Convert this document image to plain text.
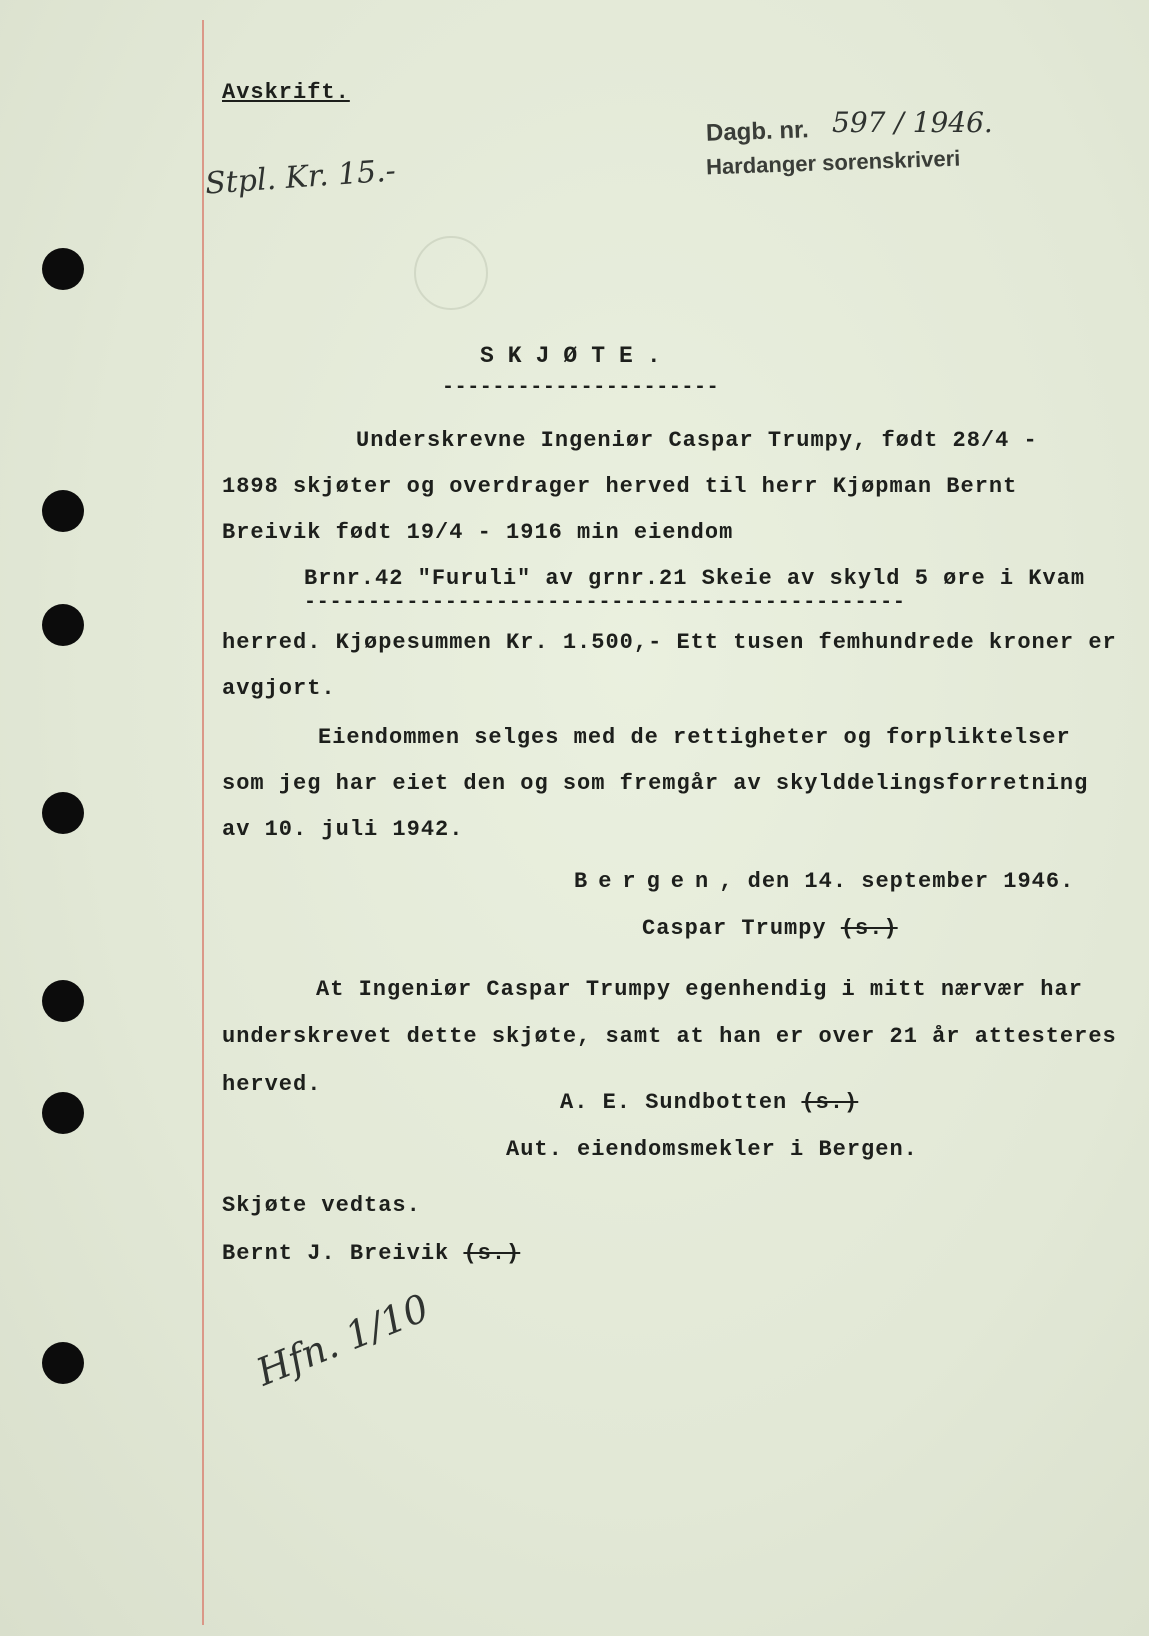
Avskrift.
Dagb. nr. 597 / 1946.
Hardanger sorenskriveri
Stpl. Kr. 15.-
SKJØTE.
----------------------
Underskrevne Ingeniør Caspar Trumpy, født 28/4 -
1898 skjøter og overdrager herved til herr Kjøpman Bernt
Breivik født 19/4 - 1916 min eiendom
Brnr.42 "Furuli" av grnr.21 Skeie av skyld 5 øre i Kvam
-----------------------------------------------
herred. Kjøpesummen Kr. 1.500,- Ett tusen femhundrede kroner er
avgjort.
Eiendommen selges med de rettigheter og forpliktelser
som jeg har eiet den og som fremgår av skylddelingsforretning
av 10. juli 1942.
Bergen, den 14. september 1946.
Caspar Trumpy (s.)
At Ingeniør Caspar Trumpy egenhendig i mitt nærvær har
underskrevet dette skjøte, samt at han er over 21 år attesteres
herved.
A. E. Sundbotten (s.)
Aut. eiendomsmekler i Bergen.
Skjøte vedtas.
Bernt J. Breivik (s.)
Hfn. 1/10
